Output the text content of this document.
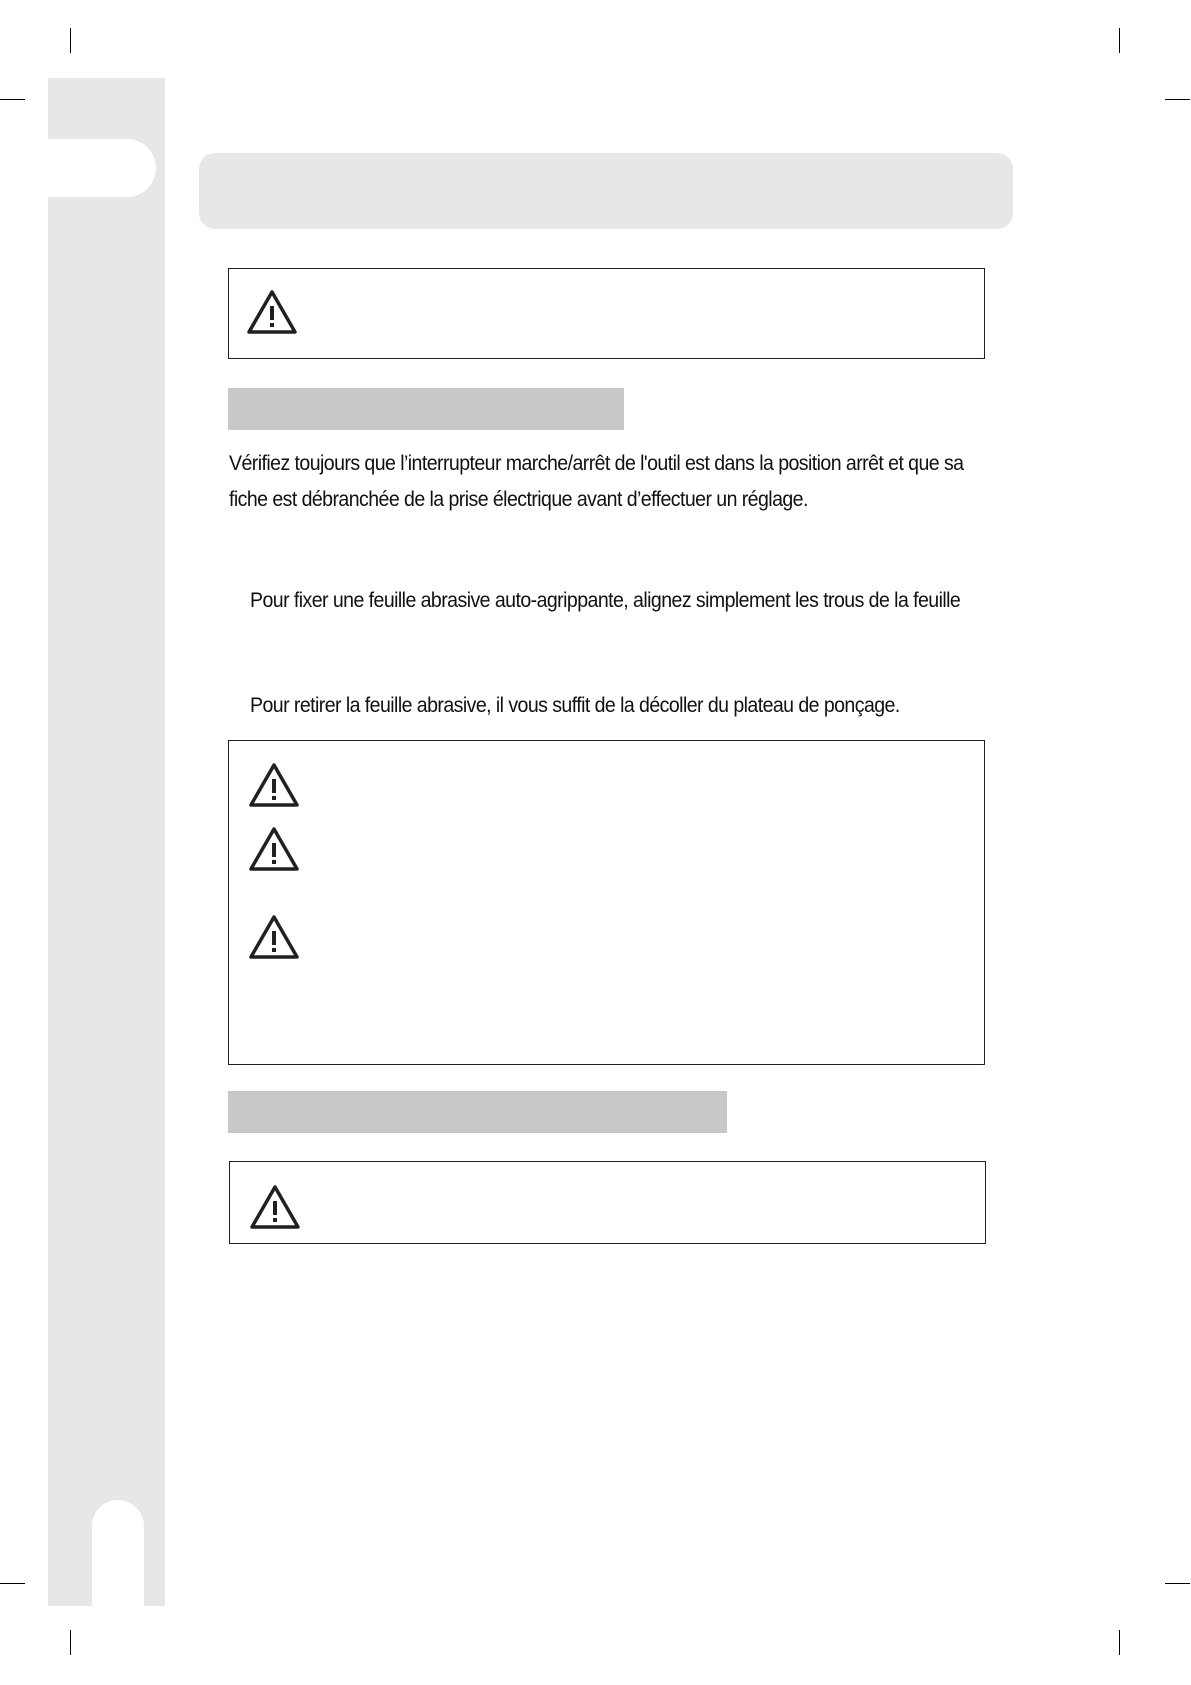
Vérifiez toujours que l’interrupteur marche/arrêt de l'outil est dans la position arrêt et que sa fiche est débranchée de la prise électrique avant d’effectuer un réglage.
Pour fixer une feuille abrasive auto-agrippante, alignez simplement les trous de la feuille
Pour retirer la feuille abrasive, il vous suffit de la décoller du plateau de ponçage.
